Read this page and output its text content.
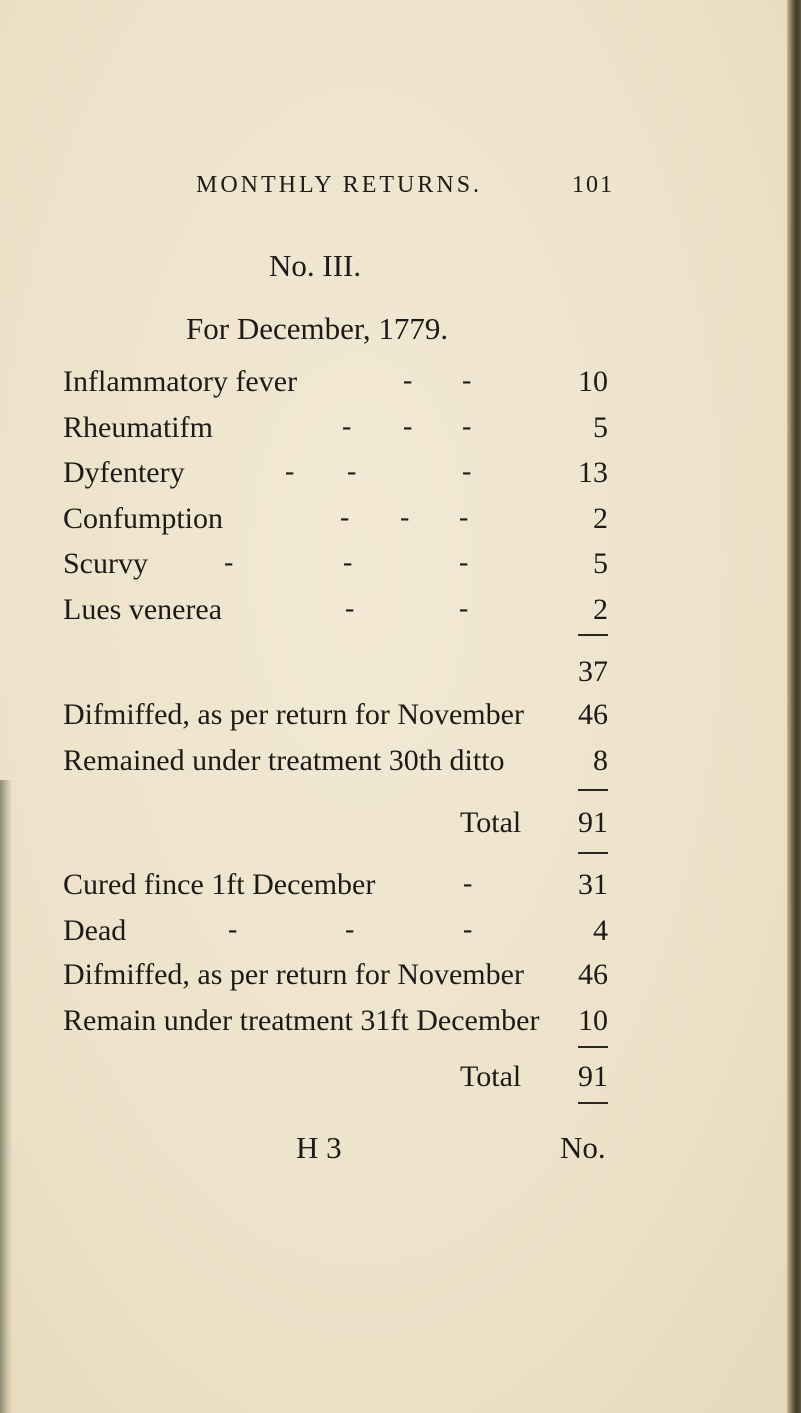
MONTHLY RETURNS.	101
No. III.
For December, 1779.
Inflammatory fever	- -	10
Rheumatifm	- - -	5
Dyfentery	- -	-	13
Confumption	- - -	2
Scurvy	-	-	-	5
Lues venerea	-	-	2
37
Difmiffed, as per return for November	46
Remained under treatment 30th ditto	8
Total	91
Cured fince 1ft December	-	31
Dead	-	-	-	4
Difmiffed, as per return for November	46
Remain under treatment 31ft December	10
Total	91
H 3	No.
